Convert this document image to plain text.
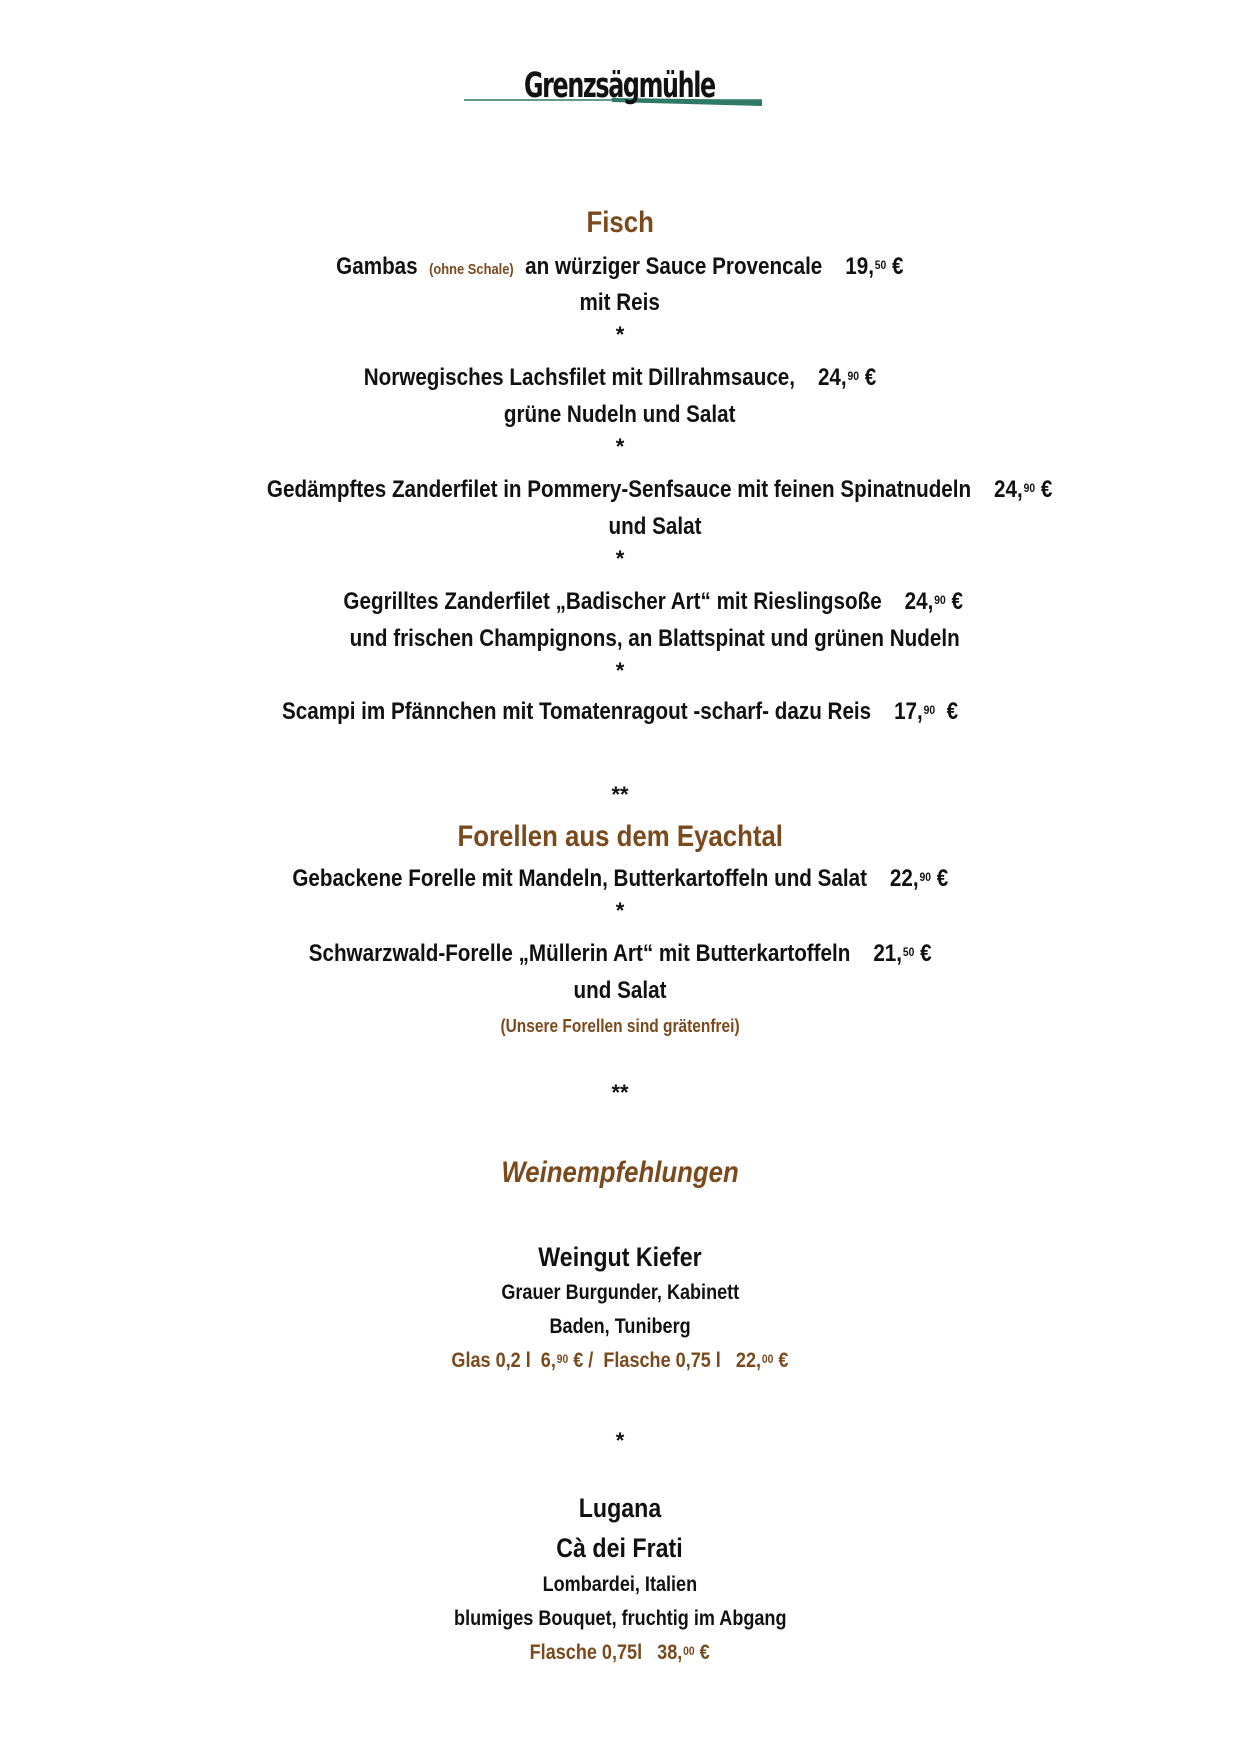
Grenzsägmühle
Fisch
Gambas (ohne Schale) an würziger Sauce Provencale 19,50 €
mit Reis
*
Norwegisches Lachsfilet mit Dillrahmsauce, 24,90 €
grüne Nudeln und Salat
*
Gedämpftes Zanderfilet in Pommery-Senfsauce mit feinen Spinatnudeln 24,90 €
und Salat
*
Gegrilltes Zanderfilet „Badischer Art“ mit Rieslingsoße 24,90 €
und frischen Champignons, an Blattspinat und grünen Nudeln
*
Scampi im Pfännchen mit Tomatenragout -scharf- dazu Reis 17,90 €
**
Forellen aus dem Eyachtal
Gebackene Forelle mit Mandeln, Butterkartoffeln und Salat 22,90 €
*
Schwarzwald-Forelle „Müllerin Art“ mit Butterkartoffeln 21,50 €
und Salat
(Unsere Forellen sind grätenfrei)
**
Weinempfehlungen
Weingut Kiefer
Grauer Burgunder, Kabinett
Baden, Tuniberg
Glas 0,2 l 6,90 € / Flasche 0,75 l 22,00 €
*
Lugana
Cà dei Frati
Lombardei, Italien
blumiges Bouquet, fruchtig im Abgang
Flasche 0,75l 38,00 €
